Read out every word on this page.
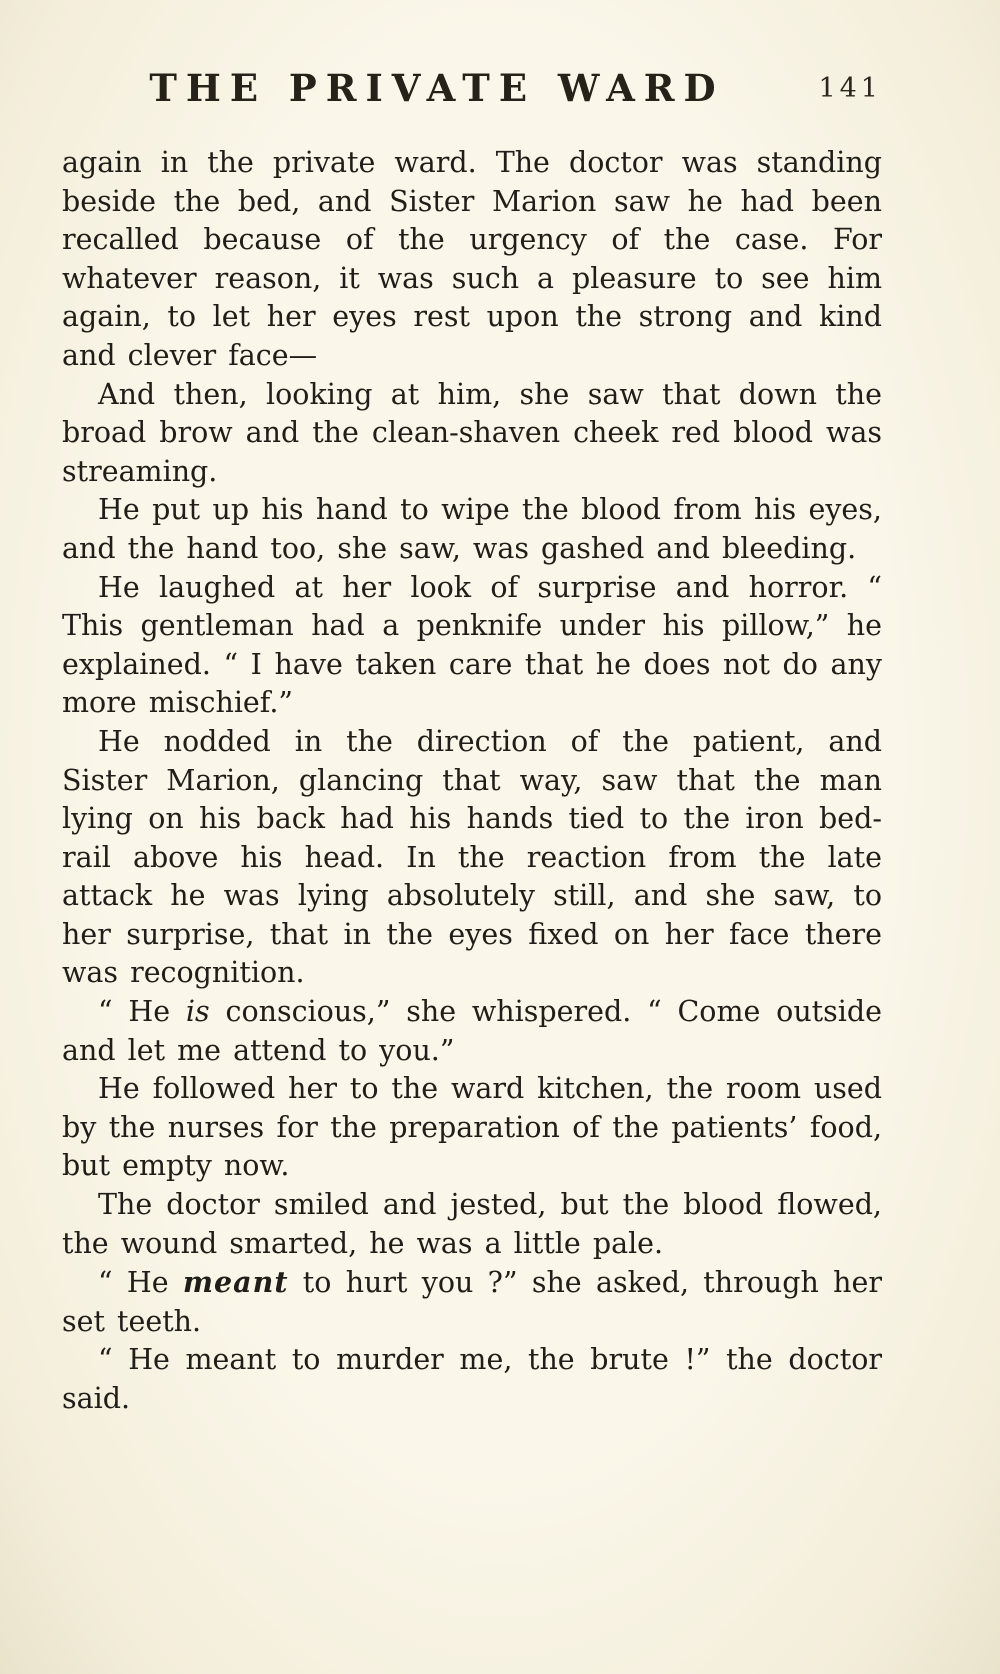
THE PRIVATE WARD	141

again in the private ward. The doctor was standing beside the bed, and Sister Marion saw he had been recalled because of the urgency of the case. For whatever reason, it was such a pleasure to see him again, to let her eyes rest upon the strong and kind and clever face—

And then, looking at him, she saw that down the broad brow and the clean-shaven cheek red blood was streaming.

He put up his hand to wipe the blood from his eyes, and the hand too, she saw, was gashed and bleeding.

He laughed at her look of surprise and horror. “ This gentleman had a penknife under his pillow,” he explained. “ I have taken care that he does not do any more mischief.”

He nodded in the direction of the patient, and Sister Marion, glancing that way, saw that the man lying on his back had his hands tied to the iron bed-rail above his head. In the reaction from the late attack he was lying absolutely still, and she saw, to her surprise, that in the eyes fixed on her face there was recognition.

“ He is conscious,” she whispered. “ Come outside and let me attend to you.”

He followed her to the ward kitchen, the room used by the nurses for the preparation of the patients’ food, but empty now.

The doctor smiled and jested, but the blood flowed, the wound smarted, he was a little pale.

“ He meant to hurt you ?” she asked, through her set teeth.

“ He meant to murder me, the brute !” the doctor said.
